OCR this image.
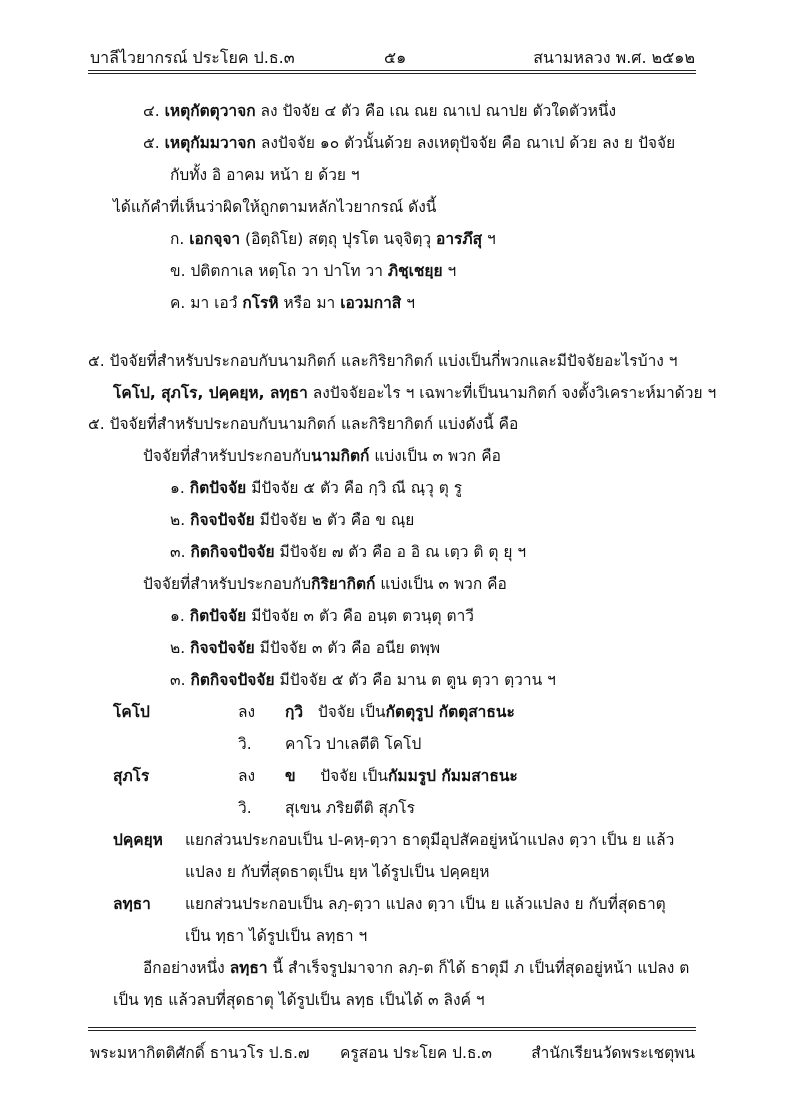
บาลีไวยากรณ์ ประโยค ป.ธ.๓	๕๑	สนามหลวง พ.ศ. ๒๕๑๒
๔. เหตุกัตตุวาจก ลง ปัจจัย ๔ ตัว คือ เณ ณย ณาเป ณาปย ตัวใดตัวหนึ่ง
๕. เหตุกัมมวาจก ลงปัจจัย ๑๐ ตัวนั้นด้วย ลงเหตุปัจจัย คือ ณาเป ด้วย ลง ย ปัจจัย
กับทั้ง อิ อาคม หน้า ย ด้วย ฯ
ได้แก้คำที่เห็นว่าผิดให้ถูกตามหลักไวยากรณ์ ดังนี้
ก. เอกจฺจา (อิตฺถิโย) สตฺถุ ปุรโต นจฺจิตฺวุ อารภึสุ ฯ
ข. ปติตกาเล หตฺโถ วา ปาโท วา ภิชฺเชยฺย ฯ
ค. มา เอวํ กโรหิ หรือ มา เอวมกาสิ ฯ
๕. ปัจจัยที่สำหรับประกอบกับนามกิตก์ และกิริยากิตก์ แบ่งเป็นกี่พวกและมีปัจจัยอะไรบ้าง ฯ
โคโป, สุภโร, ปคฺคยฺห, ลทฺธา ลงปัจจัยอะไร ฯ เฉพาะที่เป็นนามกิตก์ จงตั้งวิเคราะห์มาด้วย ฯ
๕. ปัจจัยที่สำหรับประกอบกับนามกิตก์ และกิริยากิตก์ แบ่งดังนี้ คือ
ปัจจัยที่สำหรับประกอบกับนามกิตก์ แบ่งเป็น ๓ พวก คือ
๑. กิตปัจจัย มีปัจจัย ๕ ตัว คือ กฺวิ ณี ณฺวุ ตุ รู
๒. กิจจปัจจัย มีปัจจัย ๒ ตัว คือ ข ณฺย
๓. กิตกิจจปัจจัย มีปัจจัย ๗ ตัว คือ อ อิ ณ เตฺว ติ ตุ ยุ ฯ
ปัจจัยที่สำหรับประกอบกับกิริยากิตก์ แบ่งเป็น ๓ พวก คือ
๑. กิตปัจจัย มีปัจจัย ๓ ตัว คือ อนฺต ตวนฺตุ ตาวี
๒. กิจจปัจจัย มีปัจจัย ๓ ตัว คือ อนีย ตพฺพ
๓. กิตกิจจปัจจัย มีปัจจัย ๕ ตัว คือ มาน ต ตูน ตฺวา ตฺวาน ฯ
โคโป	ลง กฺวิ ปัจจัย เป็นกัตตุรูป กัตตุสาธนะ
วิ. คาโว ปาเลตีติ โคโป
สุภโร	ลง ข ปัจจัย เป็นกัมมรูป กัมมสาธนะ
วิ. สุเขน ภริยตีติ สุภโร
ปคฺคยฺห แยกส่วนประกอบเป็น ป-คหฺ-ตฺวา ธาตุมีอุปสัคอยู่หน้าแปลง ตฺวา เป็น ย แล้ว
แปลง ย กับที่สุดธาตุเป็น ยฺห ได้รูปเป็น ปคฺคยฺห
ลทฺธา แยกส่วนประกอบเป็น ลภฺ-ตฺวา แปลง ตฺวา เป็น ย แล้วแปลง ย กับที่สุดธาตุ
เป็น ทฺธา ได้รูปเป็น ลทฺธา ฯ
อีกอย่างหนึ่ง ลทฺธา นี้ สำเร็จรูปมาจาก ลภฺ-ต ก็ได้ ธาตุมี ภ เป็นที่สุดอยู่หน้า แปลง ต
เป็น ทฺธ แล้วลบที่สุดธาตุ ได้รูปเป็น ลทฺธ เป็นได้ ๓ ลิงค์ ฯ
พระมหากิตติศักดิ์ ธานวโร ป.ธ.๗ ครูสอน ประโยค ป.ธ.๓	สำนักเรียนวัดพระเชตุพน
